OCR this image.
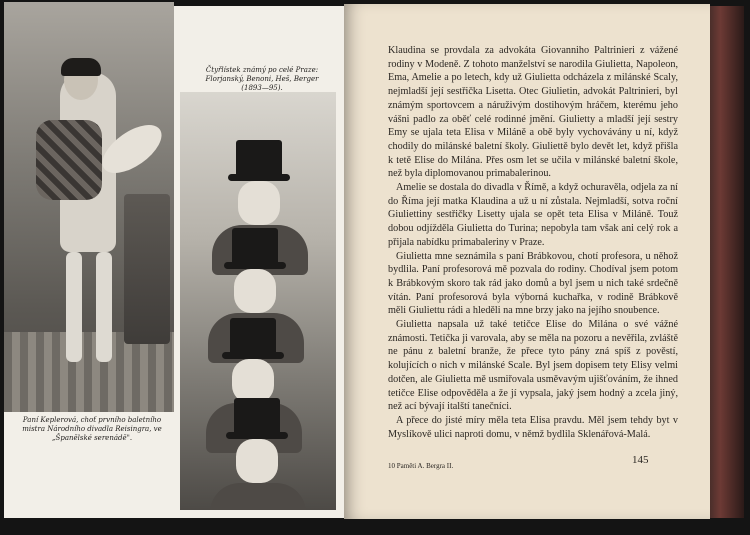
Čtyřlístek známý po celé Praze: Florjanský, Benoni, Heš, Berger (1893—95).
Paní Keplerová, choť prvního baletního mistra Národního divadla Reisingra, ve „Španělské serenádě".

Klaudina se provdala za advokáta Giovanniho Paltrinieri z vážené rodiny v Modeně. Z tohoto manželství se narodila Giulietta, Napoleon, Ema, Amelie a po letech, kdy už Giulietta odcházela z milánské Scaly, nejmladší její sestřička Lisetta. Otec Giulietin, advokát Paltrinieri, byl známým sportovcem a náruživým dostihovým hráčem, kterému jeho vášni padlo za oběť celé rodinné jmění. Giulietty a mladší její sestry Emy se ujala teta Elisa v Miláně a obě byly vychovávány u ní, když chodily do milánské baletní školy. Giuliettě bylo devět let, když přišla k tetě Elise do Milána. Přes osm let se učila v milánské baletní škole, než byla diplomovanou primabalerinou.

Amelie se dostala do divadla v Římě, a když ochuravěla, odjela za ní do Říma její matka Klaudina a už u ní zůstala. Nejmladší, sotva roční Giuliettiny sestřičky Lisetty ujala se opět teta Elisa v Miláně. Touž dobou odjížděla Giulietta do Turina; nepobyla tam však ani celý rok a přijala nabídku primabaleriny v Praze.

Giulietta mne seznámila s paní Brábkovou, chotí profesora, u něhož bydlila. Paní profesorová mě pozvala do rodiny. Chodíval jsem potom k Brábkovým skoro tak rád jako domů a byl jsem u nich také srdečně vítán. Paní profesorová byla výborná kuchařka, v rodině Brábkově měli Giuliettu rádi a hleděli na mne brzy jako na jejího snoubence.

Giulietta napsala už také tetičce Elise do Milána o své vážné známosti. Tetička ji varovala, aby se měla na pozoru a nevěřila, zvláště ne pánu z baletní branže, že přece tyto pány zná spíš z pověstí, kolujících o nich v milánské Scale. Byl jsem dopisem tety Elisy velmi dotčen, ale Giulietta mě usmiřovala usměvavým ujišťováním, že ihned tetičce Elise odpověděla a že jí vypsala, jaký jsem hodný a zcela jiný, než ací bývají italští tanečníci.

A přece do jisté míry měla teta Elisa pravdu. Měl jsem tehdy byt v Myslíkově ulici naproti domu, v němž bydlila Sklenářová-Malá.

10 Paměti A. Bergra II.	145
